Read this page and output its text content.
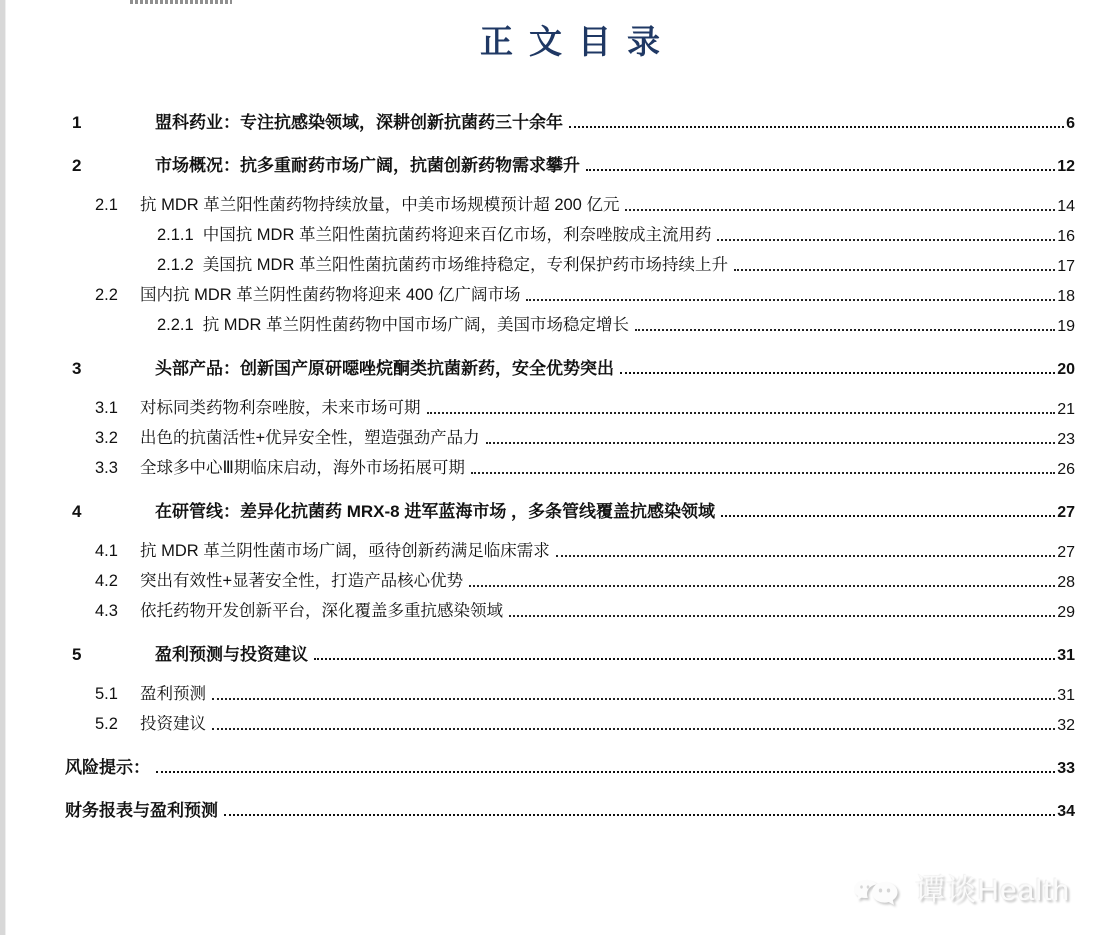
正文目录
1	盟科药业：专注抗感染领域，深耕创新抗菌药三十余年	6
2	市场概况：抗多重耐药市场广阔，抗菌创新药物需求攀升	12
2.1	抗 MDR 革兰阳性菌药物持续放量，中美市场规模预计超 200 亿元	14
2.1.1 中国抗 MDR 革兰阳性菌抗菌药将迎来百亿市场，利奈唑胺成主流用药	16
2.1.2 美国抗 MDR 革兰阳性菌抗菌药市场维持稳定，专利保护药市场持续上升	17
2.2	国内抗 MDR 革兰阴性菌药物将迎来 400 亿广阔市场	18
2.2.1 抗 MDR 革兰阴性菌药物中国市场广阔，美国市场稳定增长	19
3	头部产品：创新国产原研噁唑烷酮类抗菌新药，安全优势突出	20
3.1	对标同类药物利奈唑胺，未来市场可期	21
3.2	出色的抗菌活性+优异安全性，塑造强劲产品力	23
3.3	全球多中心Ⅲ期临床启动，海外市场拓展可期	26
4	在研管线：差异化抗菌药 MRX-8 进军蓝海市场 ，多条管线覆盖抗感染领域	27
4.1	抗 MDR 革兰阴性菌市场广阔，亟待创新药满足临床需求	27
4.2	突出有效性+显著安全性，打造产品核心优势	28
4.3	依托药物开发创新平台，深化覆盖多重抗感染领域	29
5	盈利预测与投资建议	31
5.1	盈利预测	31
5.2	投资建议	32
风险提示：	33
财务报表与盈利预测	34
谭谈Health
